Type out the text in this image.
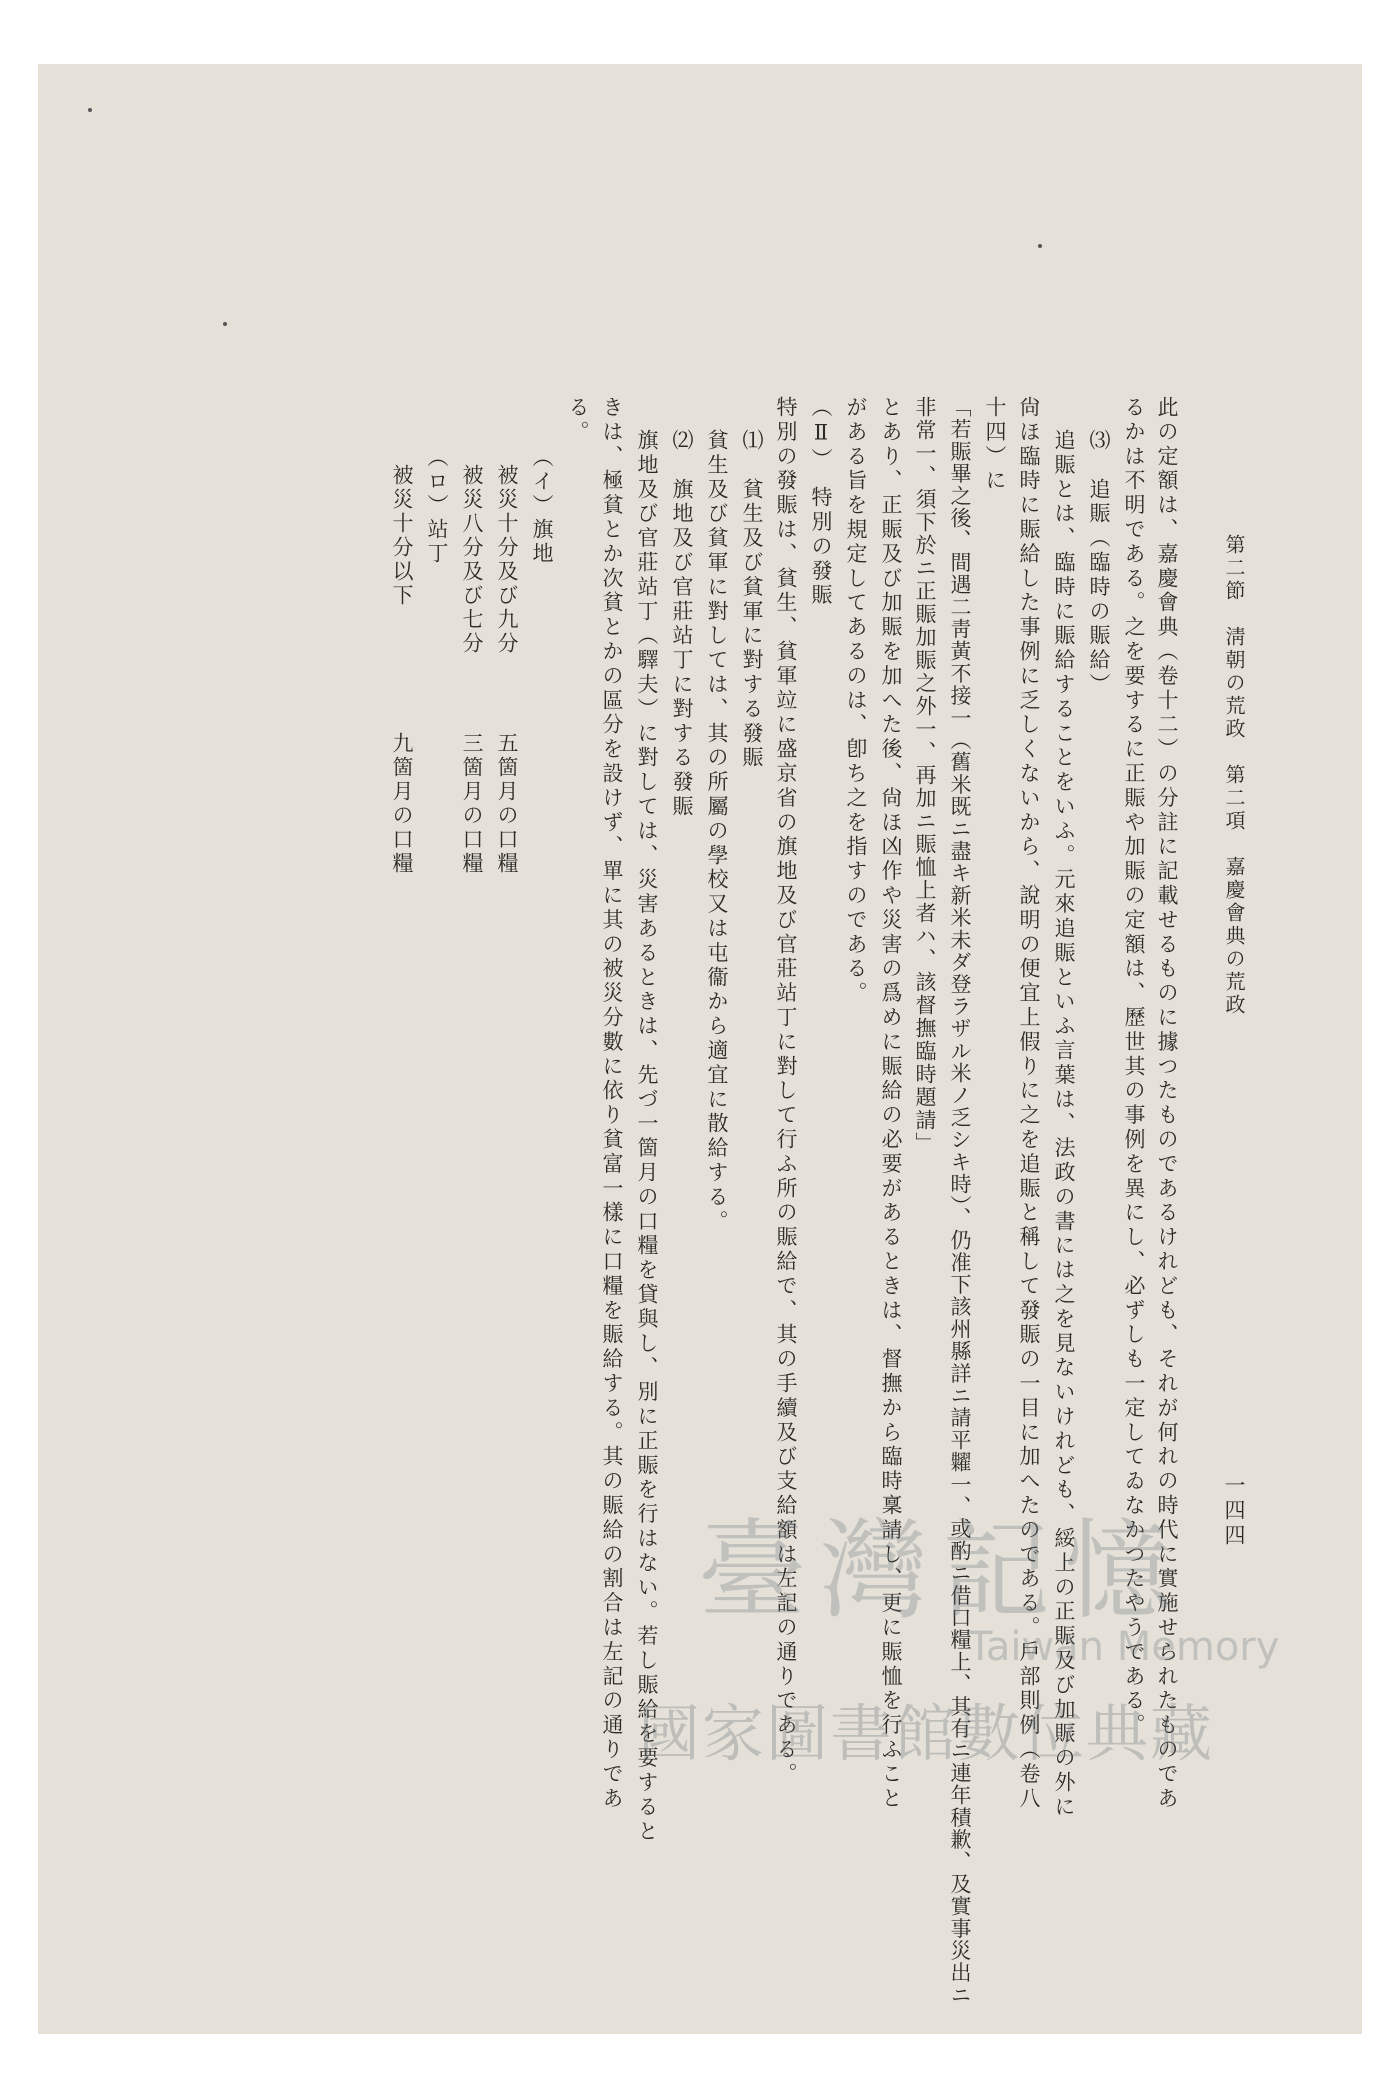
第二節　淸朝の荒政　第二項　嘉慶會典の荒政
一四四
此の定額は、嘉慶會典（卷十二）の分註に記載せるものに據つたものであるけれども、それが何れの時代に實施せられたものであ
るかは不明である。之を要するに正賑や加賑の定額は、歷世其の事例を異にし、必ずしも一定してゐなかつたやうである。
⑶　追賑（臨時の賑給）
追賑とは、臨時に賑給することをいふ。元來追賑といふ言葉は、法政の書には之を見ないけれども、綏上の正賑及び加賑の外に
尙ほ臨時に賑給した事例に乏しくないから、說明の便宜上假りに之を追賑と稱して發賑の一目に加へたのである。戶部則例（卷八
十四）に
「若賑畢之後、間遇二靑黃不接一（舊米既ニ盡キ新米未ダ登ラザル米ノ乏シキ時）、仍准下該州縣詳ニ請平糶一、或酌ニ借口糧上、其有ニ連年積歉、及實事災出ニ
非常一、須下於ニ正賑加賑之外一、再加ニ賑恤上者ハ、該督撫臨時題請」
とあり、正賑及び加賑を加へた後、尙ほ凶作や災害の爲めに賑給の必要があるときは、督撫から臨時稟請し、更に賑恤を行ふこと
がある旨を規定してあるのは、卽ち之を指すのである。
（Ⅱ）　特別の發賑
特別の發賑は、貧生、貧軍竝に盛京省の旗地及び官莊站丁に對して行ふ所の賑給で、其の手續及び支給額は左記の通りである。
⑴　貧生及び貧軍に對する發賑
貧生及び貧軍に對しては、其の所屬の學校又は屯衞から適宜に散給する。
⑵　旗地及び官莊站丁に對する發賑
旗地及び官莊站丁（驛夫）に對しては、災害あるときは、先づ一箇月の口糧を貸與し、別に正賑を行はない。若し賑給を要すると
きは、極貧とか次貧とかの區分を設けず、單に其の被災分數に依り貧富一樣に口糧を賑給する。其の賑給の割合は左記の通りであ
る。
（イ）旗地
被災十分及び九分
五箇月の口糧
被災八分及び七分
三箇月の口糧
（ロ）站丁
被災十分以下
九箇月の口糧
臺灣記憶
Taiwan Memory
國家圖書館數位典藏
